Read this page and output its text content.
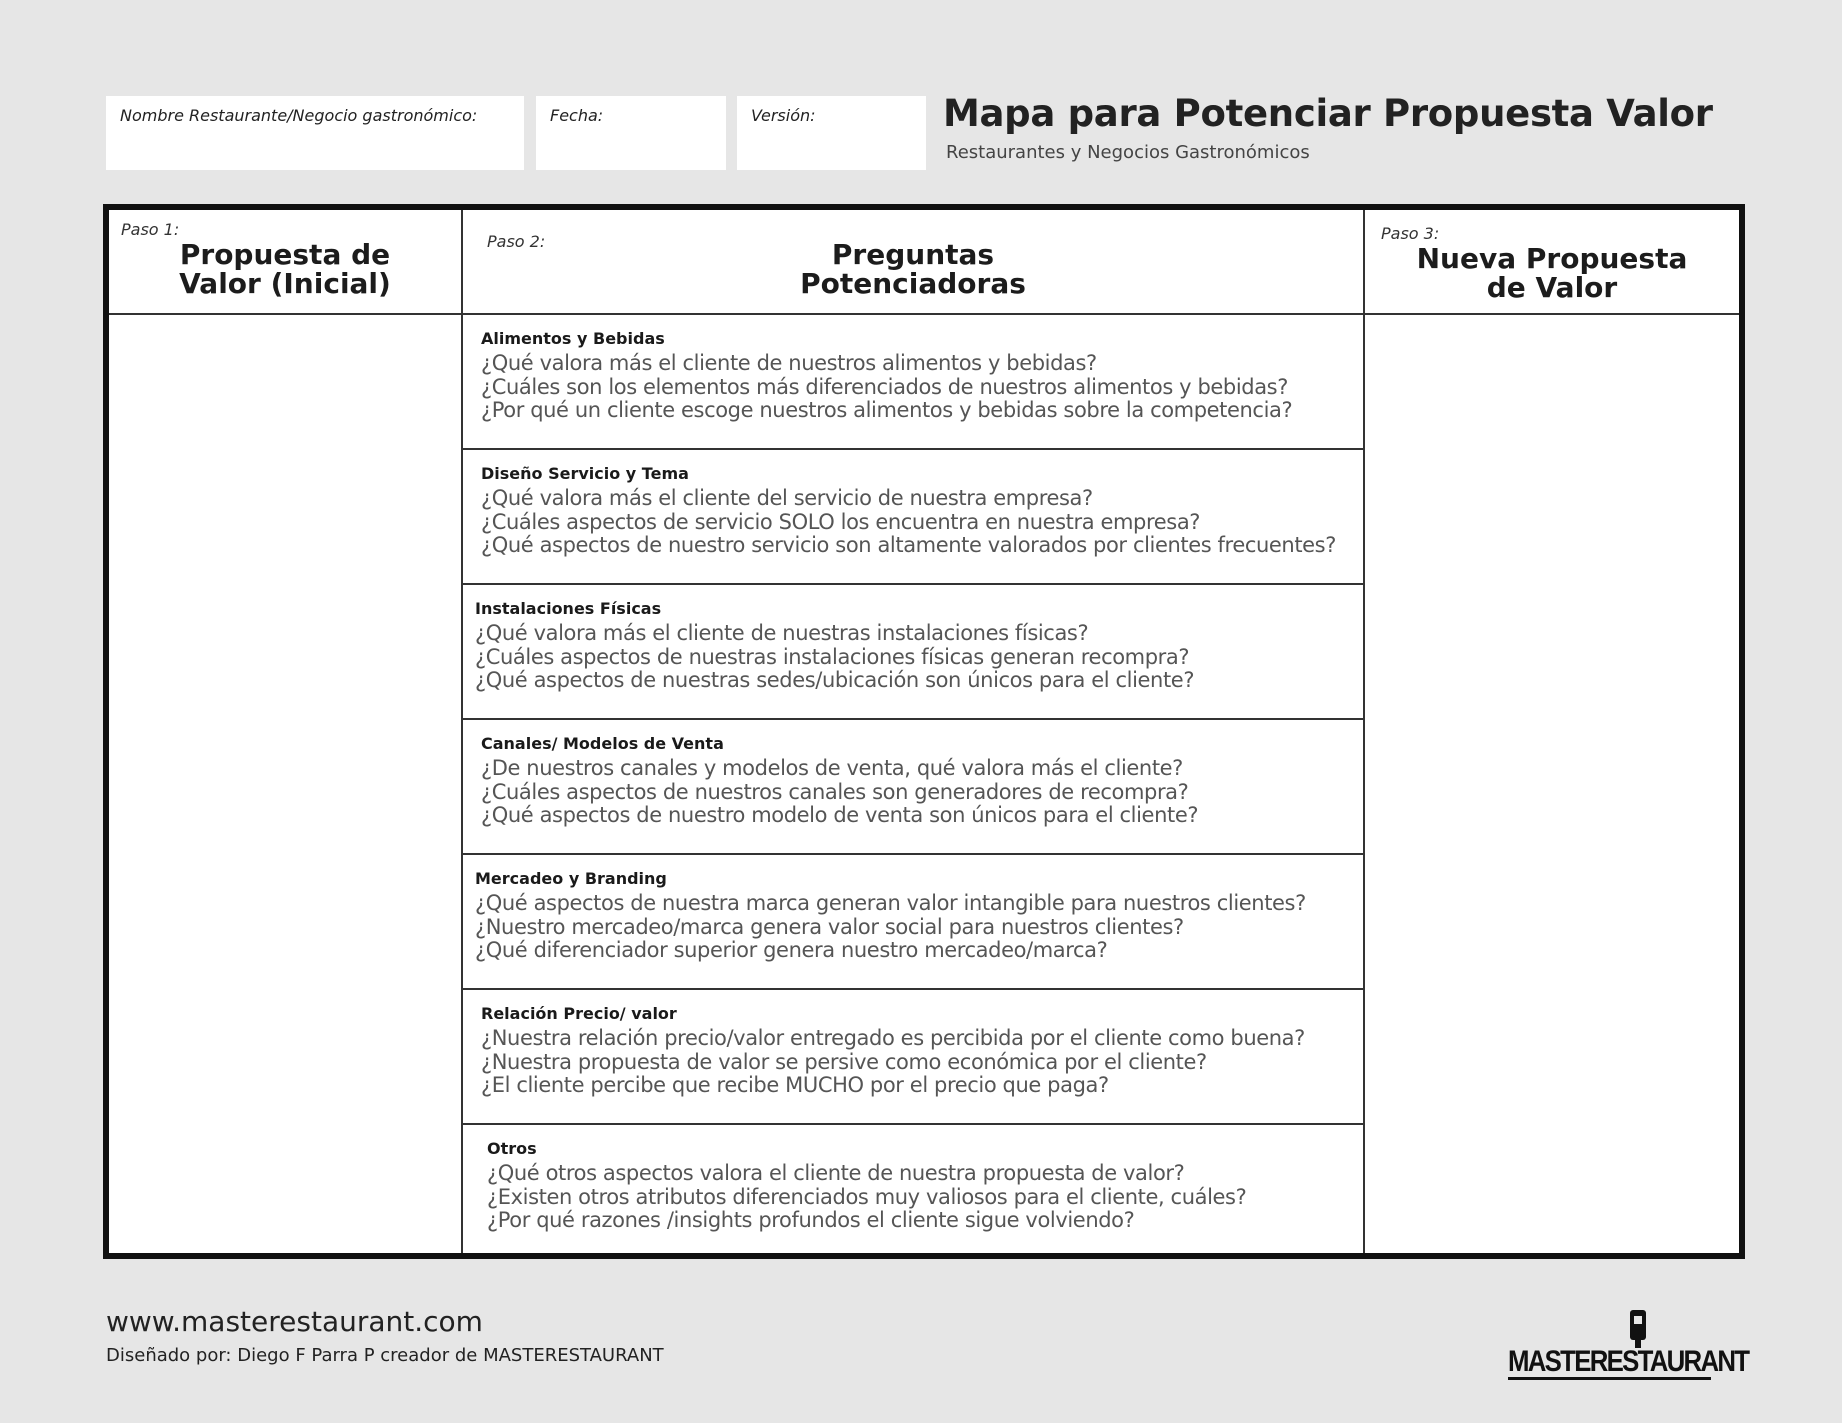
Nombre Restaurante/Negocio gastronómico:	Fecha:	Versión:	Mapa para Potenciar Propuesta Valor
Restaurantes y Negocios Gastronómicos
Paso 1:
Propuesta de
Valor (Inicial)
Paso 2:	Preguntas
Potenciadoras
Alimentos y Bebidas
¿Qué valora más el cliente de nuestros alimentos y bebidas?
¿Cuáles son los elementos más diferenciados de nuestros alimentos y bebidas?
¿Por qué un cliente escoge nuestros alimentos y bebidas sobre la competencia?
Diseño Servicio y Tema
¿Qué valora más el cliente del servicio de nuestra empresa?
¿Cuáles aspectos de servicio SOLO los encuentra en nuestra empresa?
¿Qué aspectos de nuestro servicio son altamente valorados por clientes frecuentes?
Instalaciones Físicas
¿Qué valora más el cliente de nuestras instalaciones físicas?
¿Cuáles aspectos de nuestras instalaciones físicas generan recompra?
¿Qué aspectos de nuestras sedes/ubicación son únicos para el cliente?
Canales/ Modelos de Venta
¿De nuestros canales y modelos de venta, qué valora más el cliente?
¿Cuáles aspectos de nuestros canales son generadores de recompra?
¿Qué aspectos de nuestro modelo de venta son únicos para el cliente?
Mercadeo y Branding
¿Qué aspectos de nuestra marca generan valor intangible para nuestros clientes?
¿Nuestro mercadeo/marca genera valor social para nuestros clientes?
¿Qué diferenciador superior genera nuestro mercadeo/marca?
Relación Precio/ valor
¿Nuestra relación precio/valor entregado es percibida por el cliente como buena?
¿Nuestra propuesta de valor se persive como económica por el cliente?
¿El cliente percibe que recibe MUCHO por el precio que paga?
Otros
¿Qué otros aspectos valora el cliente de nuestra propuesta de valor?
¿Existen otros atributos diferenciados muy valiosos para el cliente, cuáles?
¿Por qué razones /insights profundos el cliente sigue volviendo?
Paso 3:
Nueva Propuesta
de Valor
www.masterestaurant.com
Diseñado por: Diego F Parra P creador de MASTERESTAURANT	MASTERESTAURANT
